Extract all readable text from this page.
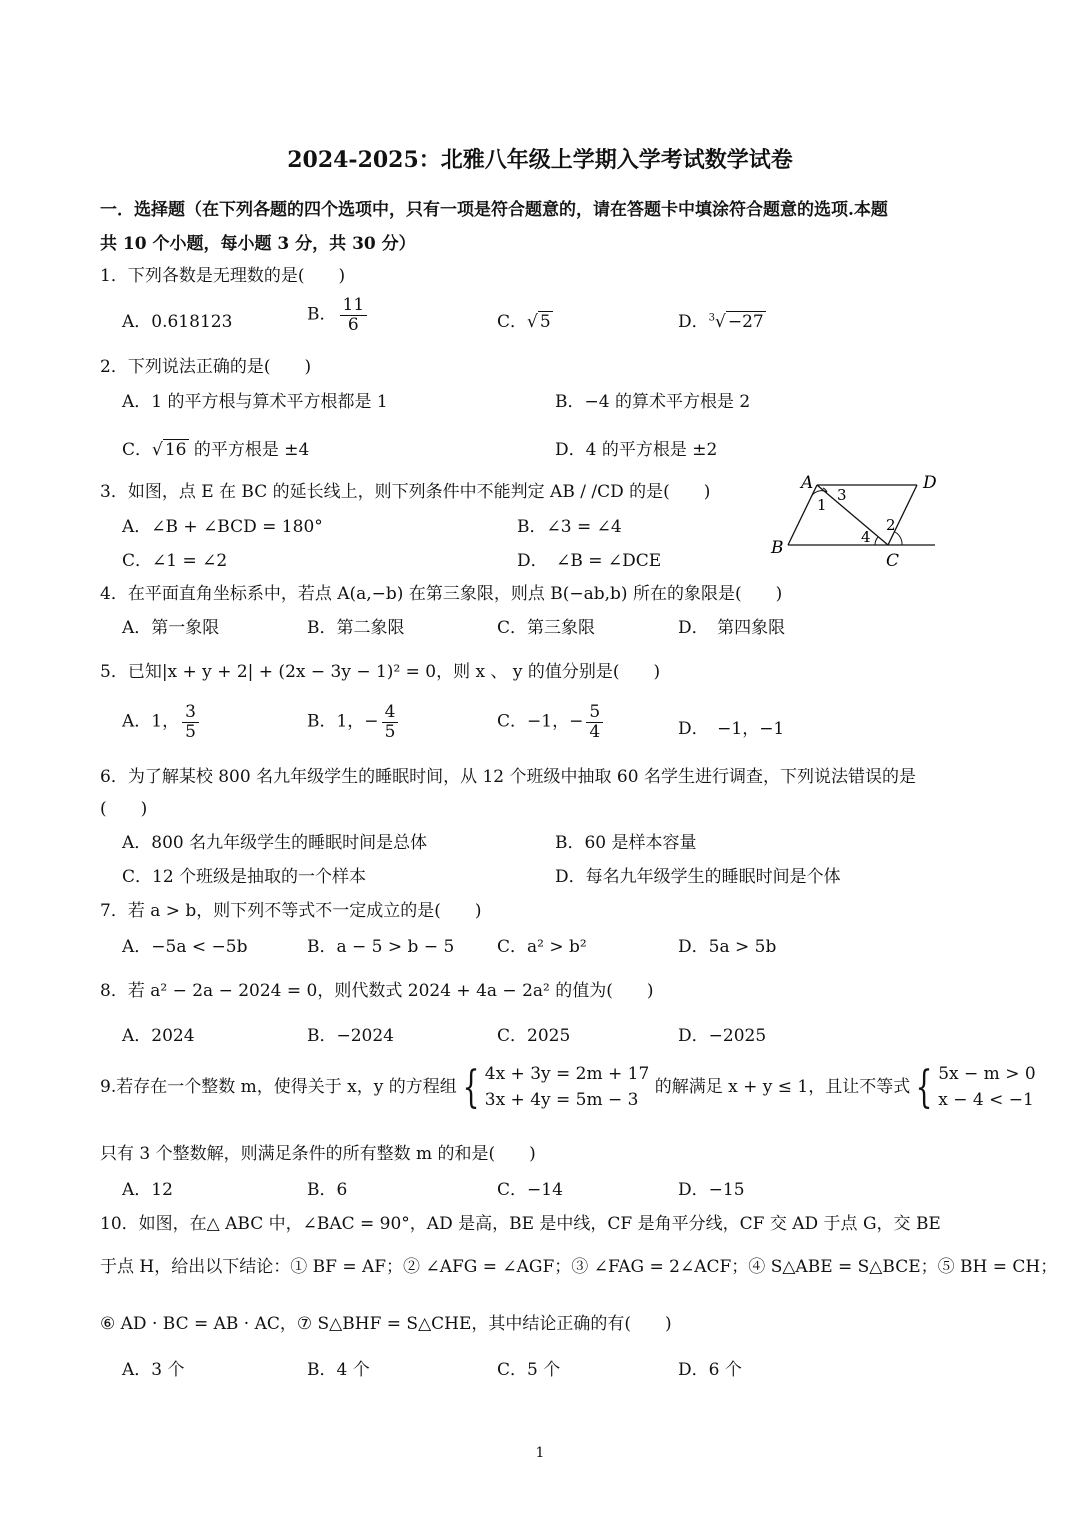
2024-2025：北雅八年级上学期入学考试数学试卷
一．选择题（在下列各题的四个选项中，只有一项是符合题意的，请在答题卡中填涂符合题意的选项.本题
共 10 个小题，每小题 3 分，共 30 分）
1．下列各数是无理数的是(　　)
A．0.618123	B． $\frac{11}{6}$	C．√ 5	D．$^3$√ −27
2．下列说法正确的是(　　)
A．1 的平方根与算术平方根都是 1	B．−4 的算术平方根是 2
C．√ 16 的平方根是 ±4	D．4 的平方根是 ±2
3．如图，点 E 在 BC 的延长线上，则下列条件中不能判定 AB / /CD 的是(　　)
A．∠B + ∠BCD = 180°	B．∠3 = ∠4
C．∠1 = ∠2	D．　∠B = ∠DCE
A	D
B
C
1
3
2
4
4．在平面直角坐标系中，若点 A(a,−b) 在第三象限，则点 B(−ab,b) 所在的象限是(　　)
A．第一象限	B．第二象限	C．第三象限	D．　第四象限
5．已知|x + y + 2| + (2x − 3y − 1)² = 0，则 x 、 y 的值分别是(　　)
A．1， $\frac{3}{5}$	B．1，− $\frac{4}{5}$	C．−1，− $\frac{5}{4}$	D．　−1，−1
6．为了解某校 800 名九年级学生的睡眠时间，从 12 个班级中抽取 60 名学生进行调查，下列说法错误的是
(　　)
A．800 名九年级学生的睡眠时间是总体	B．60 是样本容量
C．12 个班级是抽取的一个样本	D．每名九年级学生的睡眠时间是个体
7．若 a > b，则下列不等式不一定成立的是(　　)
A．−5a < −5b	B．a − 5 > b − 5	C．a² > b²	D．5a > 5b
8．若 a² − 2a − 2024 = 0，则代数式 2024 + 4a − 2a² 的值为(　　)
A．2024	B．−2024	C．2025	D．−2025
9.若存在一个整数 m，使得关于 x，y 的方程组 { 4x + 3y = 2m + 17
3x + 4y = 5m − 3
的解满足 x + y ≤ 1，且让不等式 { 5x − m > 0
x − 4 < −1
只有 3 个整数解，则满足条件的所有整数 m 的和是(　　)
A．12	B．6	C．−14	D．−15
10．如图，在△ ABC 中，∠BAC = 90°，AD 是高，BE 是中线，CF 是角平分线，CF 交 AD 于点 G，交 BE
于点 H，给出以下结论：① BF = AF；② ∠AFG = ∠AGF；③ ∠FAG = 2∠ACF；④ S△ABE = S△BCE；⑤ BH = CH；
⑥ AD · BC = AB · AC，⑦ S△BHF = S△CHE，其中结论正确的有(　　)
A．3 个	B．4 个	C．5 个	D．6 个
1
